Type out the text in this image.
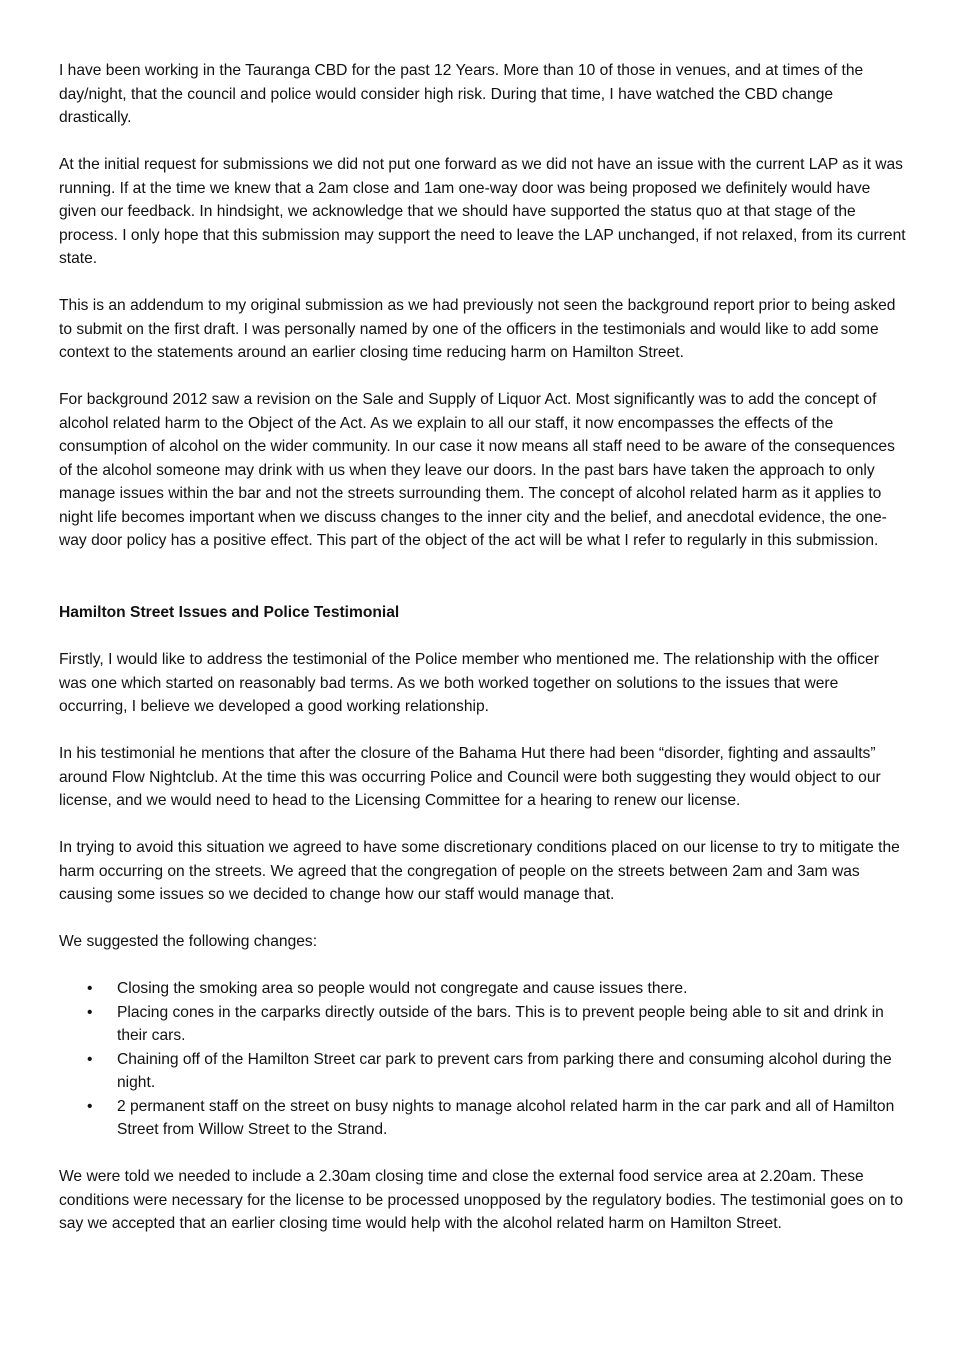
I have been working in the Tauranga CBD for the past 12 Years. More than 10 of those in venues, and at times of the day/night, that the council and police would consider high risk. During that time, I have watched the CBD change drastically.

At the initial request for submissions we did not put one forward as we did not have an issue with the current LAP as it was running. If at the time we knew that a 2am close and 1am one-way door was being proposed we definitely would have given our feedback. In hindsight, we acknowledge that we should have supported the status quo at that stage of the process. I only hope that this submission may support the need to leave the LAP unchanged, if not relaxed, from its current state.

This is an addendum to my original submission as we had previously not seen the background report prior to being asked to submit on the first draft. I was personally named by one of the officers in the testimonials and would like to add some context to the statements around an earlier closing time reducing harm on Hamilton Street.

For background 2012 saw a revision on the Sale and Supply of Liquor Act. Most significantly was to add the concept of alcohol related harm to the Object of the Act. As we explain to all our staff, it now encompasses the effects of the consumption of alcohol on the wider community. In our case it now means all staff need to be aware of the consequences of the alcohol someone may drink with us when they leave our doors. In the past bars have taken the approach to only manage issues within the bar and not the streets surrounding them. The concept of alcohol related harm as it applies to night life becomes important when we discuss changes to the inner city and the belief, and anecdotal evidence, the one-way door policy has a positive effect. This part of the object of the act will be what I refer to regularly in this submission.

Hamilton Street Issues and Police Testimonial

Firstly, I would like to address the testimonial of the Police member who mentioned me. The relationship with the officer was one which started on reasonably bad terms. As we both worked together on solutions to the issues that were occurring, I believe we developed a good working relationship.

In his testimonial he mentions that after the closure of the Bahama Hut there had been “disorder, fighting and assaults” around Flow Nightclub. At the time this was occurring Police and Council were both suggesting they would object to our license, and we would need to head to the Licensing Committee for a hearing to renew our license.

In trying to avoid this situation we agreed to have some discretionary conditions placed on our license to try to mitigate the harm occurring on the streets. We agreed that the congregation of people on the streets between 2am and 3am was causing some issues so we decided to change how our staff would manage that.

We suggested the following changes:

• Closing the smoking area so people would not congregate and cause issues there.
• Placing cones in the carparks directly outside of the bars. This is to prevent people being able to sit and drink in their cars.
• Chaining off of the Hamilton Street car park to prevent cars from parking there and consuming alcohol during the night.
• 2 permanent staff on the street on busy nights to manage alcohol related harm in the car park and all of Hamilton Street from Willow Street to the Strand.

We were told we needed to include a 2.30am closing time and close the external food service area at 2.20am. These conditions were necessary for the license to be processed unopposed by the regulatory bodies. The testimonial goes on to say we accepted that an earlier closing time would help with the alcohol related harm on Hamilton Street.
